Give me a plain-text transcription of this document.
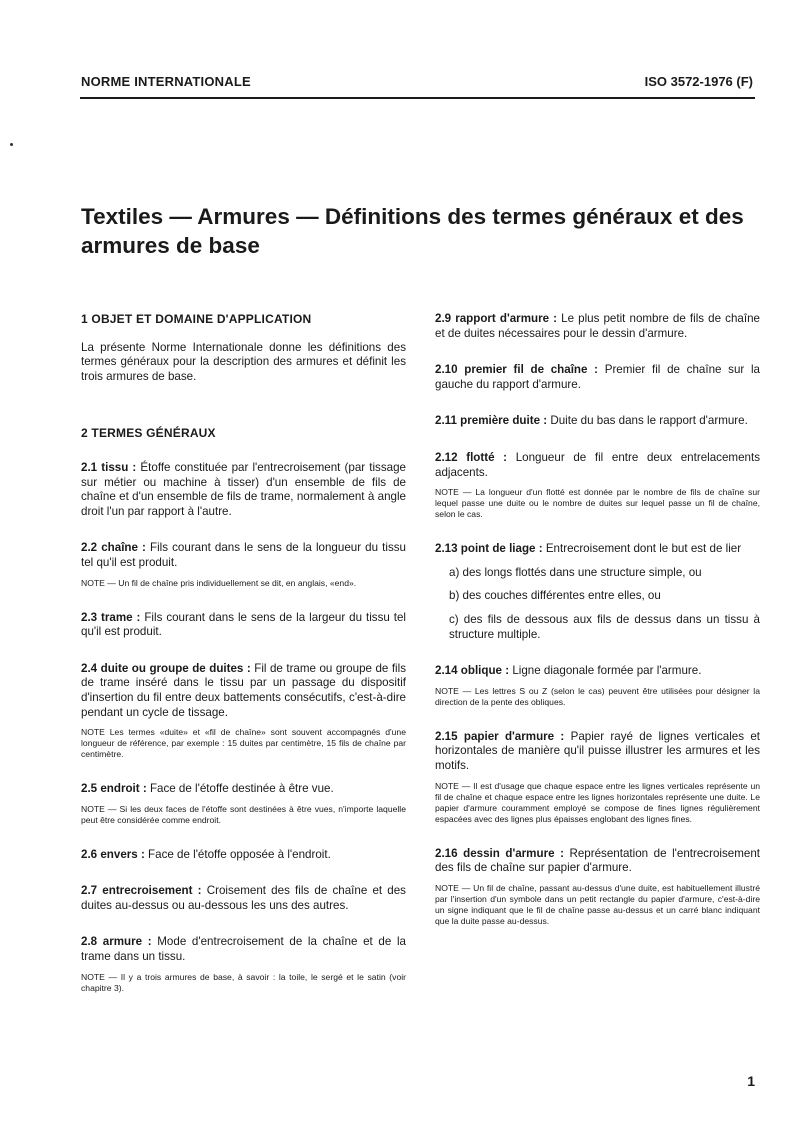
NORME INTERNATIONALE	ISO 3572-1976 (F)
Textiles — Armures — Définitions des termes généraux et des armures de base
1 OBJET ET DOMAINE D'APPLICATION

La présente Norme Internationale donne les définitions des termes généraux pour la description des armures et définit les trois armures de base.

2 TERMES GÉNÉRAUX

2.1 tissu : Étoffe constituée par l'entrecroisement (par tissage sur métier ou machine à tisser) d'un ensemble de fils de chaîne et d'un ensemble de fils de trame, normalement à angle droit l'un par rapport à l'autre.

2.2 chaîne : Fils courant dans le sens de la longueur du tissu tel qu'il est produit.

NOTE — Un fil de chaîne pris individuellement se dit, en anglais, «end».

2.3 trame : Fils courant dans le sens de la largeur du tissu tel qu'il est produit.

2.4 duite ou groupe de duites : Fil de trame ou groupe de fils de trame inséré dans le tissu par un passage du dispositif d'insertion du fil entre deux battements consécutifs, c'est-à-dire pendant un cycle de tissage.

NOTE Les termes «duite» et «fil de chaîne» sont souvent accompagnés d'une longueur de référence, par exemple : 15 duites par centimètre, 15 fils de chaîne par centimètre.

2.5 endroit : Face de l'étoffe destinée à être vue.

NOTE — Si les deux faces de l'étoffe sont destinées à être vues, n'importe laquelle peut être considérée comme endroit.

2.6 envers : Face de l'étoffe opposée à l'endroit.

2.7 entrecroisement : Croisement des fils de chaîne et des duites au-dessus ou au-dessous les uns des autres.

2.8 armure : Mode d'entrecroisement de la chaîne et de la trame dans un tissu.

NOTE — Il y a trois armures de base, à savoir : la toile, le sergé et le satin (voir chapitre 3).

2.9 rapport d'armure : Le plus petit nombre de fils de chaîne et de duites nécessaires pour le dessin d'armure.

2.10 premier fil de chaîne : Premier fil de chaîne sur la gauche du rapport d'armure.

2.11 première duite : Duite du bas dans le rapport d'armure.

2.12 flotté : Longueur de fil entre deux entrelacements adjacents.

NOTE — La longueur d'un flotté est donnée par le nombre de fils de chaîne sur lequel passe une duite ou le nombre de duites sur lequel passe un fil de chaîne, selon le cas.

2.13 point de liage : Entrecroisement dont le but est de lier

a) des longs flottés dans une structure simple, ou

b) des couches différentes entre elles, ou

c) des fils de dessous aux fils de dessus dans un tissu à structure multiple.

2.14 oblique : Ligne diagonale formée par l'armure.

NOTE — Les lettres S ou Z (selon le cas) peuvent être utilisées pour désigner la direction de la pente des obliques.

2.15 papier d'armure : Papier rayé de lignes verticales et horizontales de manière qu'il puisse illustrer les armures et les motifs.

NOTE — Il est d'usage que chaque espace entre les lignes verticales représente un fil de chaîne et chaque espace entre les lignes horizontales représente une duite. Le papier d'armure couramment employé se compose de fines lignes régulièrement espacées avec des lignes plus épaisses englobant des lignes fines.

2.16 dessin d'armure : Représentation de l'entrecroisement des fils de chaîne sur papier d'armure.

NOTE — Un fil de chaîne, passant au-dessus d'une duite, est habituellement illustré par l'insertion d'un symbole dans un petit rectangle du papier d'armure, c'est-à-dire un signe indiquant que le fil de chaîne passe au-dessus et un carré blanc indiquant que la duite passe au-dessus.

1
